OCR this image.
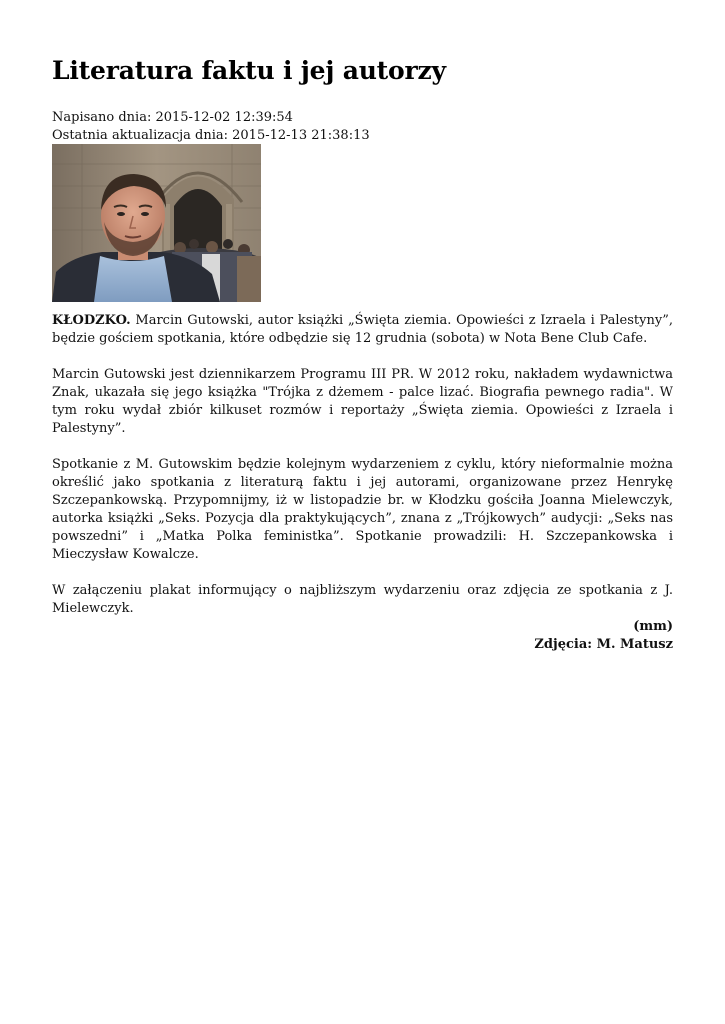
Literatura faktu i jej autorzy
Napisano dnia: 2015-12-02 12:39:54
Ostatnia aktualizacja dnia: 2015-12-13 21:38:13

KŁODZKO. Marcin Gutowski, autor książki „Święta ziemia. Opowieści z Izraela i Palestyny”, będzie gościem spotkania, które odbędzie się 12 grudnia (sobota) w Nota Bene Club Cafe.

Marcin Gutowski jest dziennikarzem Programu III PR. W 2012 roku, nakładem wydawnictwa Znak, ukazała się jego książka "Trójka z dżemem - palce lizać. Biografia pewnego radia". W tym roku wydał zbiór kilkuset rozmów i reportaży „Święta ziemia. Opowieści z Izraela i Palestyny”.

Spotkanie z M. Gutowskim będzie kolejnym wydarzeniem z cyklu, który nieformalnie można określić jako spotkania z literaturą faktu i jej autorami, organizowane przez Henrykę Szczepankowską. Przypomnijmy, iż w listopadzie br. w Kłodzku gościła Joanna Mielewczyk, autorka książki „Seks. Pozycja dla praktykujących”, znana z „Trójkowych” audycji: „Seks nas powszedni” i „Matka Polka feministka”. Spotkanie prowadzili: H. Szczepankowska i Mieczysław Kowalcze.

W załączeniu plakat informujący o najbliższym wydarzeniu oraz zdjęcia ze spotkania z J. Mielewczyk.

(mm)
Zdjęcia: M. Matusz
